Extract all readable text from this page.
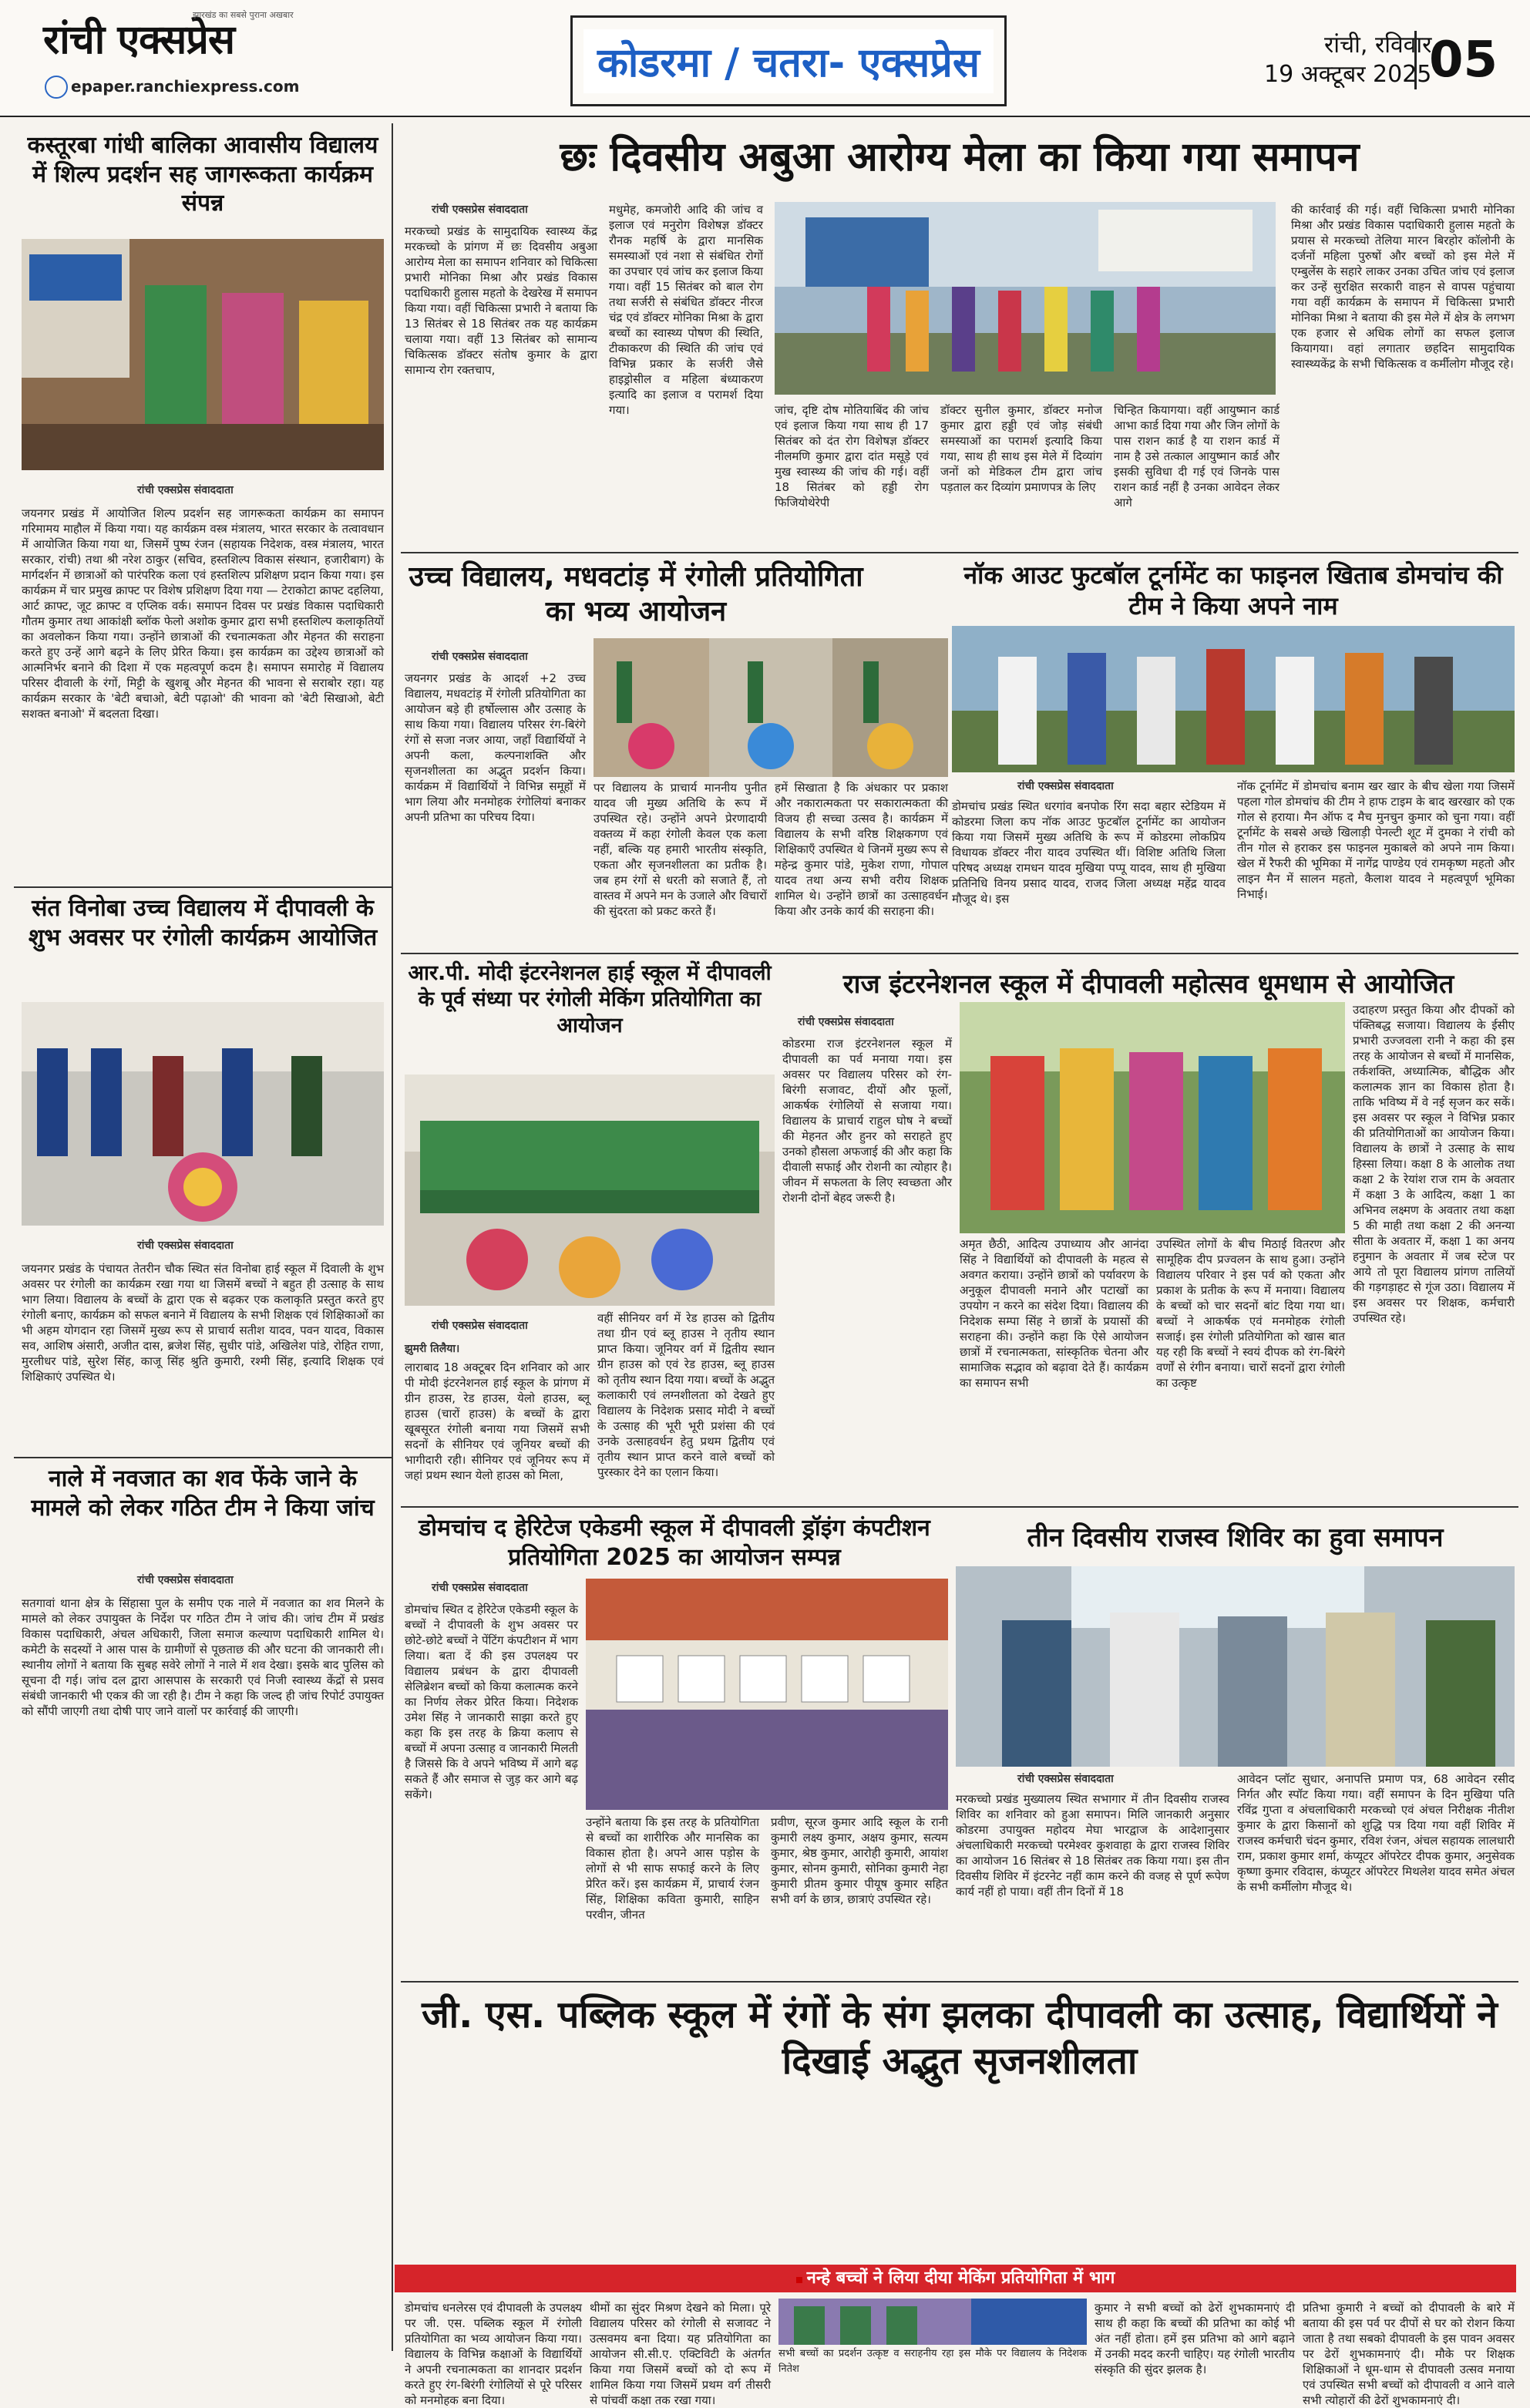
रांची एक्सप्रेस
झारखंड का सबसे पुराना अखबार
epaper.ranchiexpress.com
कोडरमा / चतरा- एक्सप्रेस	रांची, रविवार
19 अक्टूबर 2025
05
कस्तूरबा गांधी बालिका आवासीय विद्यालय में शिल्प प्रदर्शन सह जागरूकता कार्यक्रम संपन्न
रांची एक्सप्रेस संवाददाता
जयनगर प्रखंड में आयोजित शिल्प प्रदर्शन सह जागरूकता कार्यक्रम का समापन गरिमामय माहौल में किया गया। यह कार्यक्रम वस्त्र मंत्रालय, भारत सरकार के तत्वावधान में आयोजित किया गया था, जिसमें पुष्प रंजन (सहायक निदेशक, वस्त्र मंत्रालय, भारत सरकार, रांची) तथा श्री नरेश ठाकुर (सचिव, हस्तशिल्प विकास संस्थान, हजारीबाग) के मार्गदर्शन में छात्राओं को पारंपरिक कला एवं हस्तशिल्प प्रशिक्षण प्रदान किया गया। इस कार्यक्रम में चार प्रमुख क्राफ्ट पर विशेष प्रशिक्षण दिया गया — टेराकोटा क्राफ्ट दहलिया, आर्ट क्राफ्ट, जूट क्राफ्ट व एप्लिक वर्क। समापन दिवस पर प्रखंड विकास पदाधिकारी गौतम कुमार तथा आकांक्षी ब्लॉक फेलो अशोक कुमार द्वारा सभी हस्तशिल्प कलाकृतियों का अवलोकन किया गया। उन्होंने छात्राओं की रचनात्मकता और मेहनत की सराहना करते हुए उन्हें आगे बढ़ने के लिए प्रेरित किया। इस कार्यक्रम का उद्देश्य छात्राओं को आत्मनिर्भर बनाने की दिशा में एक महत्वपूर्ण कदम है। समापन समारोह में विद्यालय परिसर दीवाली के रंगों, मिट्टी के खुशबू और मेहनत की भावना से सराबोर रहा। यह कार्यक्रम सरकार के 'बेटी बचाओ, बेटी पढ़ाओ' की भावना को 'बेटी सिखाओ, बेटी सशक्त बनाओ' में बदलता दिखा।
संत विनोबा उच्च विद्यालय में दीपावली के शुभ अवसर पर रंगोली कार्यक्रम आयोजित
रांची एक्सप्रेस संवाददाता
जयनगर प्रखंड के पंचायत तेतरीन चौक स्थित संत विनोबा हाई स्कूल में दिवाली के शुभ अवसर पर रंगोली का कार्यक्रम रखा गया था जिसमें बच्चों ने बहुत ही उत्साह के साथ भाग लिया। विद्यालय के बच्चों के द्वारा एक से बढ़कर एक कलाकृति प्रस्तुत करते हुए रंगोली बनाए, कार्यक्रम को सफल बनाने में विद्यालय के सभी शिक्षक एवं शिक्षिकाओं का भी अहम योगदान रहा जिसमें मुख्य रूप से प्राचार्य सतीश यादव, पवन यादव, विकास सव, आशिष अंसारी, अजीत दास, ब्रजेश सिंह, सुधीर पांडे, अखिलेश पांडे, रोहित राणा, मुरलीधर पांडे, सुरेश सिंह, काजू सिंह श्रुति कुमारी, रश्मी सिंह, इत्यादि शिक्षक एवं शिक्षिकाएं उपस्थित थे।
नाले में नवजात का शव फेंके जाने के मामले को लेकर गठित टीम ने किया जांच
रांची एक्सप्रेस संवाददाता
सतगावां थाना क्षेत्र के सिंहासा पुल के समीप एक नाले में नवजात का शव मिलने के मामले को लेकर उपायुक्त के निर्देश पर गठित टीम ने जांच की। जांच टीम में प्रखंड विकास पदाधिकारी, अंचल अधिकारी, जिला समाज कल्याण पदाधिकारी शामिल थे। कमेटी के सदस्यों ने आस पास के ग्रामीणों से पूछताछ की और घटना की जानकारी ली। स्थानीय लोगों ने बताया कि सुबह सवेरे लोगों ने नाले में शव देखा। इसके बाद पुलिस को सूचना दी गई। जांच दल द्वारा आसपास के सरकारी एवं निजी स्वास्थ्य केंद्रों से प्रसव संबंधी जानकारी भी एकत्र की जा रही है। टीम ने कहा कि जल्द ही जांच रिपोर्ट उपायुक्त को सौंपी जाएगी तथा दोषी पाए जाने वालों पर कार्रवाई की जाएगी।
छः दिवसीय अबुआ आरोग्य मेला का किया गया समापन
रांची एक्सप्रेस संवाददाता
मरकच्चो प्रखंड के सामुदायिक स्वास्थ्य केंद्र मरकच्चो के प्रांगण में छः दिवसीय अबुआ आरोग्य मेला का समापन शनिवार को चिकित्सा प्रभारी मोनिका मिश्रा और प्रखंड विकास पदाधिकारी हुलास महतो के देखरेख में समापन किया गया। वहीं चिकित्सा प्रभारी ने बताया कि 13 सितंबर से 18 सितंबर तक यह कार्यक्रम चलाया गया। वहीं 13 सितंबर को सामान्य चिकित्सक डॉक्टर संतोष कुमार के द्वारा सामान्य रोग रक्तचाप,
मधुमेह, कमजोरी आदि की जांच व इलाज एवं मनुरोग विशेषज्ञ डॉक्टर रौनक महर्षि के द्वारा मानसिक समस्याओं एवं नशा से संबंधित रोगों का उपचार एवं जांच कर इलाज किया गया। वहीं 15 सितंबर को बाल रोग तथा सर्जरी से संबंधित डॉक्टर नीरज चंद्र एवं डॉक्टर मोनिका मिश्रा के द्वारा बच्चों का स्वास्थ्य पोषण की स्थिति, टीकाकरण की स्थिति की जांच एवं विभिन्न प्रकार के सर्जरी जैसे हाइड्रोसील व महिला बंध्याकरण इत्यादि का इलाज व परामर्श दिया गया।
की कार्रवाई की गई। वहीं चिकित्सा प्रभारी मोनिका मिश्रा और प्रखंड विकास पदाधिकारी हुलास महतो के प्रयास से मरकच्चो तेलिया मारन बिरहोर कॉलोनी के दर्जनों महिला पुरुषों और बच्चों को इस मेले में एम्बुलेंस के सहारे लाकर उनका उचित जांच एवं इलाज कर उन्हें सुरक्षित सरकारी वाहन से वापस पहुंचाया गया वहीं कार्यक्रम के समापन में चिकित्सा प्रभारी मोनिका मिश्रा ने बताया की इस मेले में क्षेत्र के लगभग एक हजार से अधिक लोगों का सफल इलाज कियागया। वहां लगातार छहदिन सामुदायिक स्वास्थ्यकेंद्र के सभी चिकित्सक व कर्मीलोग मौजूद रहे।
जांच, दृष्टि दोष मोतियाबिंद की जांच एवं इलाज किया गया साथ ही 17 सितंबर को दंत रोग विशेषज्ञ डॉक्टर नीलमणि कुमार द्वारा दांत मसूड़े एवं मुख स्वास्थ्य की जांच की गई। वहीं 18 सितंबर को हड्डी रोग फिजियोथेरेपी
डॉक्टर सुनील कुमार, डॉक्टर मनोज कुमार द्वारा हड्डी एवं जोड़ संबंधी समस्याओं का परामर्श इत्यादि किया गया, साथ ही साथ इस मेले में दिव्यांग जनों को मेडिकल टीम द्वारा जांच पड़ताल कर दिव्यांग प्रमाणपत्र के लिए
चिन्हित कियागया। वहीं आयुष्मान कार्ड आभा कार्ड दिया गया और जिन लोगों के पास राशन कार्ड है या राशन कार्ड में नाम है उसे तत्काल आयुष्मान कार्ड और इसकी सुविधा दी गई एवं जिनके पास राशन कार्ड नहीं है उनका आवेदन लेकर आगे
उच्च विद्यालय, मधवटांड़ में रंगोली प्रतियोगिता का भव्य आयोजन
रांची एक्सप्रेस संवाददाता
जयनगर प्रखंड के आदर्श +2 उच्च विद्यालय, मधवटांड़ में रंगोली प्रतियोगिता का आयोजन बड़े ही हर्षोल्लास और उत्साह के साथ किया गया। विद्यालय परिसर रंग-बिरंगे रंगों से सजा नजर आया, जहाँ विद्यार्थियों ने अपनी कला, कल्पनाशक्ति और सृजनशीलता का अद्भुत प्रदर्शन किया। कार्यक्रम में विद्यार्थियों ने विभिन्न समूहों में भाग लिया और मनमोहक रंगोलियां बनाकर अपनी प्रतिभा का परिचय दिया।
पर विद्यालय के प्राचार्य माननीय पुनीत यादव जी मुख्य अतिथि के रूप में उपस्थित रहे। उन्होंने अपने प्रेरणादायी वक्तव्य में कहा रंगोली केवल एक कला नहीं, बल्कि यह हमारी भारतीय संस्कृति, एकता और सृजनशीलता का प्रतीक है। जब हम रंगों से धरती को सजाते हैं, तो वास्तव में अपने मन के उजाले और विचारों की सुंदरता को प्रकट करते हैं।
हमें सिखाता है कि अंधकार पर प्रकाश और नकारात्मकता पर सकारात्मकता की विजय ही सच्चा उत्सव है। कार्यक्रम में विद्यालय के सभी वरिष्ठ शिक्षकगण एवं शिक्षिकाएँ उपस्थित थे जिनमें मुख्य रूप से महेन्द्र कुमार पांडे, मुकेश राणा, गोपाल यादव तथा अन्य सभी वरीय शिक्षक शामिल थे। उन्होंने छात्रों का उत्साहवर्धन किया और उनके कार्य की सराहना की।
नॉक आउट फुटबॉल टूर्नामेंट का फाइनल खिताब डोमचांच की टीम ने किया अपने नाम
रांची एक्सप्रेस संवाददाता
डोमचांच प्रखंड स्थित धरगांव बनपोक रिंग सदा बहार स्टेडियम में कोडरमा जिला कप नॉक आउट फुटबॉल टूर्नामेंट का आयोजन किया गया जिसमें मुख्य अतिथि के रूप में कोडरमा लोकप्रिय विधायक डॉक्टर नीरा यादव उपस्थित थीं। विशिष्ट अतिथि जिला परिषद अध्यक्ष रामधन यादव मुखिया पप्पू यादव, साथ ही मुखिया प्रतिनिधि विनय प्रसाद यादव, राजद जिला अध्यक्ष महेंद्र यादव मौजूद थे। इस
नॉक टूर्नामेंट में डोमचांच बनाम खर खार के बीच खेला गया जिसमें पहला गोल डोमचांच की टीम ने हाफ टाइम के बाद खरखार को एक गोल से हराया। मैन ऑफ द मैच मुनचुन कुमार को चुना गया। वहीं टूर्नामेंट के सबसे अच्छे खिलाड़ी पेनल्टी शूट में दुमका ने रांची को तीन गोल से हराकर इस फाइनल मुकाबले को अपने नाम किया। खेल में रैफरी की भूमिका में नागेंद्र पाण्डेय एवं रामकृष्ण महतो और लाइन मैन में सालन महतो, कैलाश यादव ने महत्वपूर्ण भूमिका निभाई।
आर.पी. मोदी इंटरनेशनल हाई स्कूल में दीपावली के पूर्व संध्या पर रंगोली मेकिंग प्रतियोगिता का आयोजन
रांची एक्सप्रेस संवाददाता
झुमरी तिलैया।
लाराबाद 18 अक्टूबर दिन शनिवार को आर पी मोदी इंटरनेशनल हाई स्कूल के प्रांगण में ग्रीन हाउस, रेड हाउस, येलो हाउस, ब्लू हाउस (चारों हाउस) के बच्चों के द्वारा खूबसूरत रंगोली बनाया गया जिसमें सभी सदनों के सीनियर एवं जूनियर बच्चों की भागीदारी रही। सीनियर एवं जूनियर रूप में जहां प्रथम स्थान येलो हाउस को मिला,
वहीं सीनियर वर्ग में रेड हाउस को द्वितीय तथा ग्रीन एवं ब्लू हाउस ने तृतीय स्थान प्राप्त किया। जूनियर वर्ग में द्वितीय स्थान ग्रीन हाउस को एवं रेड हाउस, ब्लू हाउस को तृतीय स्थान दिया गया। बच्चों के अद्भुत कलाकारी एवं लग्नशीलता को देखते हुए विद्यालय के निदेशक प्रसाद मोदी ने बच्चों के उत्साह की भूरी भूरी प्रशंसा की एवं उनके उत्साहवर्धन हेतु प्रथम द्वितीय एवं तृतीय स्थान प्राप्त करने वाले बच्चों को पुरस्कार देने का एलान किया।
राज इंटरनेशनल स्कूल में दीपावली महोत्सव धूमधाम से आयोजित
रांची एक्सप्रेस संवाददाता
कोडरमा राज इंटरनेशनल स्कूल में दीपावली का पर्व मनाया गया। इस अवसर पर विद्यालय परिसर को रंग-बिरंगी सजावट, दीयों और फूलों, आकर्षक रंगोलियों से सजाया गया। विद्यालय के प्राचार्य राहुल घोष ने बच्चों की मेहनत और हुनर को सराहते हुए उनको हौसला अफजाई की और कहा कि दीवाली सफाई और रोशनी का त्योहार है। जीवन में सफलता के लिए स्वच्छता और रोशनी दोनों बेहद जरूरी है।
अमृत छैठी, आदित्य उपाध्याय और आनंदा सिंह ने विद्यार्थियों को दीपावली के महत्व से अवगत कराया। उन्होंने छात्रों को पर्यावरण के अनुकूल दीपावली मनाने और पटाखों का उपयोग न करने का संदेश दिया। विद्यालय की निदेशक सम्पा सिंह ने छात्रों के प्रयासों की सराहना की। उन्होंने कहा कि ऐसे आयोजन छात्रों में रचनात्मकता, सांस्कृतिक चेतना और सामाजिक सद्भाव को बढ़ावा देते हैं। कार्यक्रम का समापन सभी
उपस्थित लोगों के बीच मिठाई वितरण और सामूहिक दीप प्रज्वलन के साथ हुआ। उन्होंने विद्यालय परिवार ने इस पर्व को एकता और प्रकाश के प्रतीक के रूप में मनाया। विद्यालय के बच्चों को चार सदनों बांट दिया गया था। बच्चों ने आकर्षक एवं मनमोहक रंगोली सजाई। इस रंगोली प्रतियोगिता को खास बात यह रही कि बच्चों ने स्वयं दीपक को रंग-बिरंगे वर्णों से रंगीन बनाया। चारों सदनों द्वारा रंगोली का उत्कृष्ट
उदाहरण प्रस्तुत किया और दीपकों को पंक्तिबद्ध सजाया। विद्यालय के ईसीए प्रभारी उज्जवला रानी ने कहा की इस तरह के आयोजन से बच्चों में मानसिक, तर्कशक्ति, अध्यात्मिक, बौद्धिक और कलात्मक ज्ञान का विकास होता है। ताकि भविष्य में वे नई सृजन कर सकें। इस अवसर पर स्कूल ने विभिन्न प्रकार की प्रतियोगिताओं का आयोजन किया। विद्यालय के छात्रों ने उत्साह के साथ हिस्सा लिया। कक्षा 8 के आलोक तथा कक्षा 2 के रेयांश राज राम के अवतार में कक्षा 3 के आदित्य, कक्षा 1 का अभिनव लक्ष्मण के अवतार तथा कक्षा 5 की माही तथा कक्षा 2 की अनन्या सीता के अवतार में, कक्षा 1 का अनय हनुमान के अवतार में जब स्टेज पर आये तो पूरा विद्यालय प्रांगण तालियों की गड़गड़ाहट से गूंज उठा। विद्यालय में इस अवसर पर शिक्षक, कर्मचारी उपस्थित रहे।
डोमचांच द हेरिटेज एकेडमी स्कूल में दीपावली ड्रॉइंग कंपटीशन प्रतियोगिता 2025 का आयोजन सम्पन्न
रांची एक्सप्रेस संवाददाता
डोमचांच स्थित द हेरिटेज एकेडमी स्कूल के बच्चों ने दीपावली के शुभ अवसर पर छोटे-छोटे बच्चों ने पेंटिंग कंपटीशन में भाग लिया। बता दें की इस उपलक्ष्य पर विद्यालय प्रबंधन के द्वारा दीपावली सेलिब्रेशन बच्चों को किया कलात्मक करने का निर्णय लेकर प्रेरित किया। निदेशक उमेश सिंह ने जानकारी साझा करते हुए कहा कि इस तरह के क्रिया कलाप से बच्चों में अपना उत्साह व जानकारी मिलती है जिससे कि वे अपने भविष्य में आगे बढ़ सकते हैं और समाज से जुड़ कर आगे बढ़ सकेंगे।
उन्होंने बताया कि इस तरह के प्रतियोगिता से बच्चों का शारीरिक और मानसिक का विकास होता है। अपने आस पड़ोस के लोगों से भी साफ सफाई करने के लिए प्रेरित करें। इस कार्यक्रम में, प्राचार्य रंजन सिंह, शिक्षिका कविता कुमारी, साहिन परवीन, जीनत
प्रवीण, सूरज कुमार आदि स्कूल के रानी कुमारी लक्ष्य कुमार, अक्षय कुमार, सत्यम कुमार, श्रेष्ठ कुमार, आरोही कुमारी, आयांश कुमार, सोनम कुमारी, सोनिका कुमारी नेहा कुमारी प्रीतम कुमार पीयूष कुमार सहित सभी वर्ग के छात्र, छात्राएं उपस्थित रहे।
तीन दिवसीय राजस्व शिविर का हुवा समापन
रांची एक्सप्रेस संवाददाता
मरकच्चो प्रखंड मुख्यालय स्थित सभागार में तीन दिवसीय राजस्व शिविर का शनिवार को हुआ समापन। मिलि जानकारी अनुसार कोडरमा उपायुक्त महोदय मेघा भारद्वाज के आदेशानुसार अंचलाधिकारी मरकच्चो परमेश्वर कुशवाहा के द्वारा राजस्व शिविर का आयोजन 16 सितंबर से 18 सितंबर तक किया गया। इस तीन दिवसीय शिविर में इंटरनेट नहीं काम करने की वजह से पूर्ण रूपेण कार्य नहीं हो पाया। वहीं तीन दिनों में 18
आवेदन प्लॉट सुधार, अनापत्ति प्रमाण पत्र, 68 आवेदन रसीद निर्गत और स्पॉट किया गया। वहीं समापन के दिन मुखिया पति रविंद्र गुप्ता व अंचलाधिकारी मरकच्चो एवं अंचल निरीक्षक नीतीश कुमार के द्वारा किसानों को शुद्धि पत्र दिया गया वहीं शिविर में राजस्व कर्मचारी चंदन कुमार, रविश रंजन, अंचल सहायक लालधारी राम, प्रकाश कुमार शर्मा, कंप्यूटर ऑपरेटर दीपक कुमार, अनुसेवक कृष्णा कुमार रविदास, कंप्यूटर ऑपरेटर मिथलेश यादव समेत अंचल के सभी कर्मीलोग मौजूद थे।
जी. एस. पब्लिक स्कूल में रंगों के संग झलका दीपावली का उत्साह, विद्यार्थियों ने दिखाई अद्भुत सृजनशीलता
नन्हे बच्चों ने लिया दीया मेकिंग प्रतियोगिता में भाग
डोमचांच धनलेरस एवं दीपावली के उपलक्ष्य पर जी. एस. पब्लिक स्कूल में रंगोली प्रतियोगिता का भव्य आयोजन किया गया। विद्यालय के विभिन्न कक्षाओं के विद्यार्थियों ने अपनी रचनात्मकता का शानदार प्रदर्शन करते हुए रंग-बिरंगी रंगोलियों से पूरे परिसर को मनमोहक बना दिया।
थीमों का सुंदर मिश्रण देखने को मिला। पूरे विद्यालय परिसर को रंगोली से सजावट ने उत्सवमय बना दिया। यह प्रतियोगिता का आयोजन सी.सी.ए. एक्टिविटी के अंतर्गत किया गया जिसमें बच्चों को दो रूप में शामिल किया गया जिसमें प्रथम वर्ग तीसरी से पांचवीं कक्षा तक रखा गया।
कुमार ने सभी बच्चों को ढेरों शुभकामनाएं दी साथ ही कहा कि बच्चों की प्रतिभा का कोई भी अंत नहीं होता। हमें इस प्रतिभा को आगे बढ़ाने में उनकी मदद करनी चाहिए। यह रंगोली भारतीय संस्कृति की सुंदर झलक है।
प्रतिभा कुमारी ने बच्चों को दीपावली के बारे में बताया की इस पर्व पर दीपों से घर को रोशन किया जाता है तथा सबको दीपावली के इस पावन अवसर पर ढेरों शुभकामनाएं दी। मौके पर शिक्षक शिक्षिकाओं ने धूम-धाम से दीपावली उत्सव मनाया एवं उपस्थित सभी बच्चों को दीपावली व आने वाले सभी त्योहारों की ढेरों शुभकामनाएं दी।
सभी बच्चों का प्रदर्शन उत्कृष्ट व सराहनीय रहा इस मौके पर विद्यालय के निदेशक नितेश
